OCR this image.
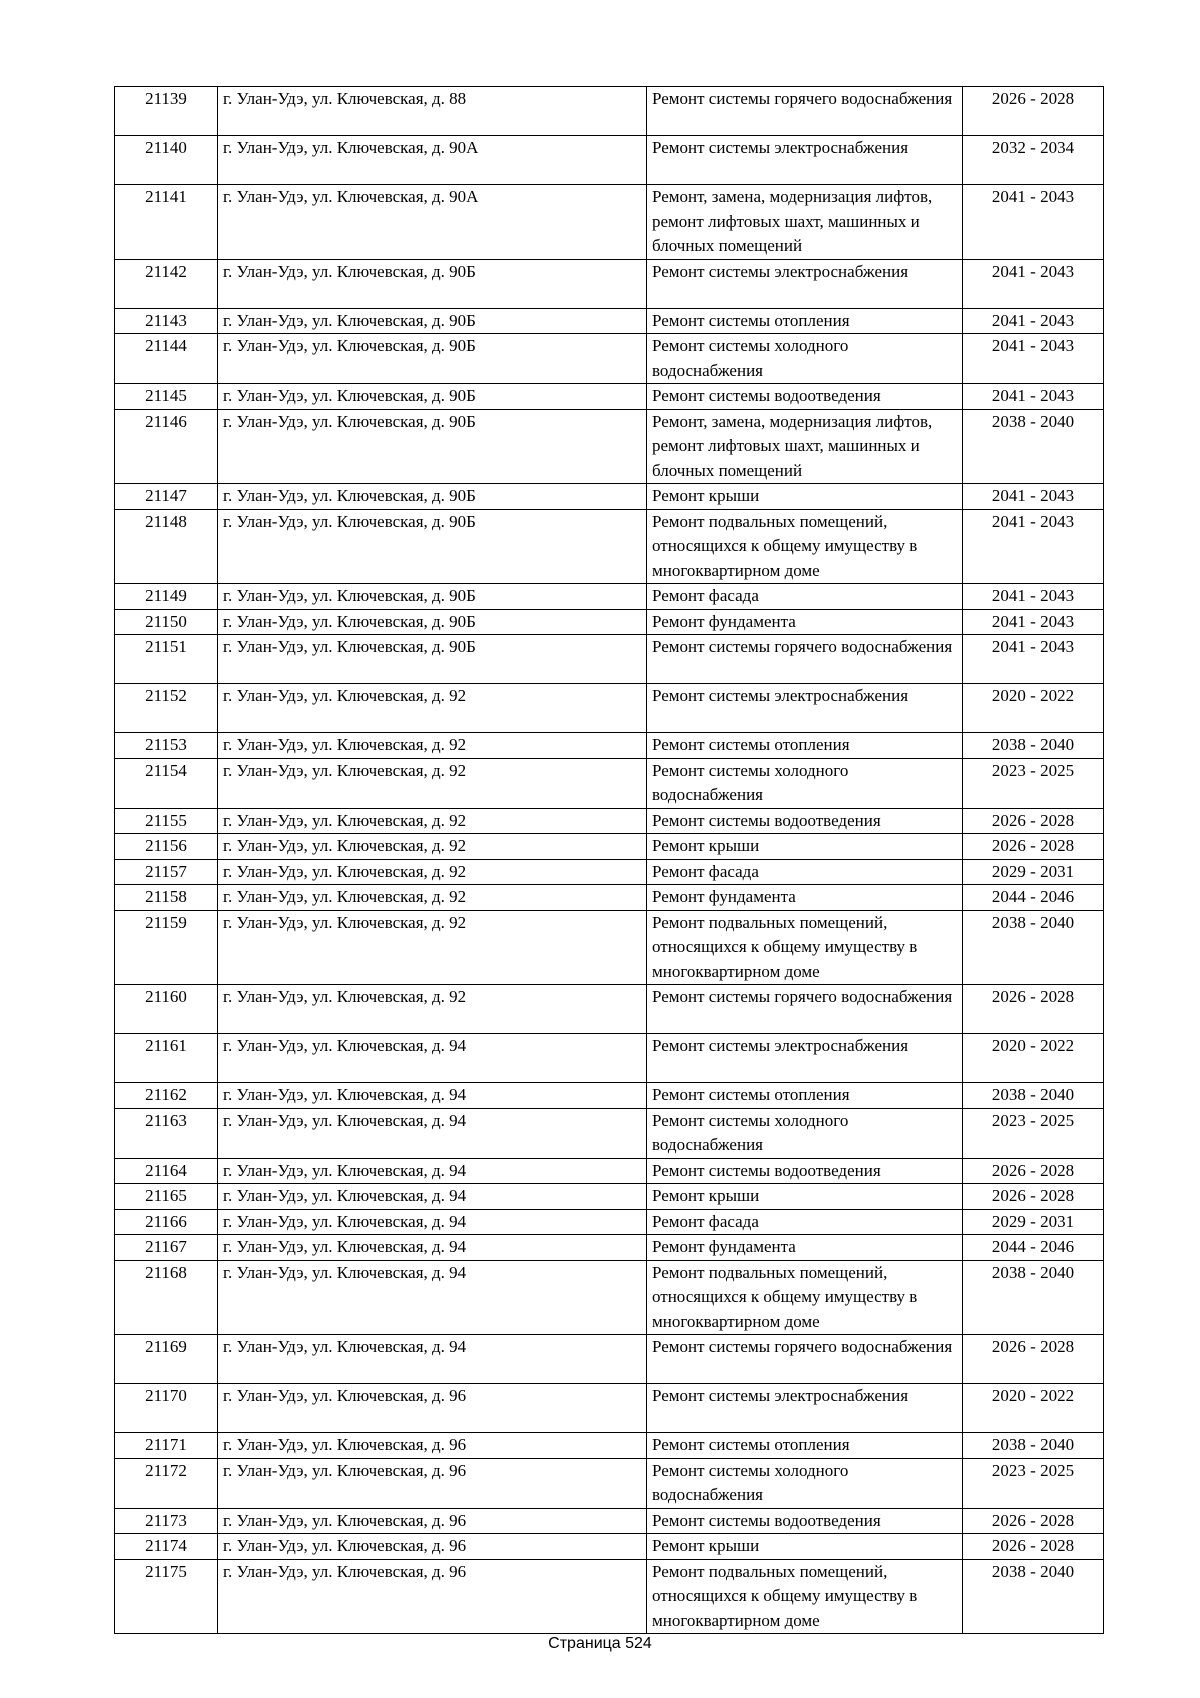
21139	г. Улан-Удэ, ул. Ключевская, д. 88	Ремонт системы горячего водоснабжения	2026 - 2028
21140	г. Улан-Удэ, ул. Ключевская, д. 90А	Ремонт системы электроснабжения	2032 - 2034
21141	г. Улан-Удэ, ул. Ключевская, д. 90А	Ремонт, замена, модернизация лифтов, ремонт лифтовых шахт, машинных и блочных помещений	2041 - 2043
21142	г. Улан-Удэ, ул. Ключевская, д. 90Б	Ремонт системы электроснабжения	2041 - 2043
21143	г. Улан-Удэ, ул. Ключевская, д. 90Б	Ремонт системы отопления	2041 - 2043
21144	г. Улан-Удэ, ул. Ключевская, д. 90Б	Ремонт системы холодного водоснабжения	2041 - 2043
21145	г. Улан-Удэ, ул. Ключевская, д. 90Б	Ремонт системы водоотведения	2041 - 2043
21146	г. Улан-Удэ, ул. Ключевская, д. 90Б	Ремонт, замена, модернизация лифтов, ремонт лифтовых шахт, машинных и блочных помещений	2038 - 2040
21147	г. Улан-Удэ, ул. Ключевская, д. 90Б	Ремонт крыши	2041 - 2043
21148	г. Улан-Удэ, ул. Ключевская, д. 90Б	Ремонт подвальных помещений, относящихся к общему имуществу в многоквартирном доме	2041 - 2043
21149	г. Улан-Удэ, ул. Ключевская, д. 90Б	Ремонт фасада	2041 - 2043
21150	г. Улан-Удэ, ул. Ключевская, д. 90Б	Ремонт фундамента	2041 - 2043
21151	г. Улан-Удэ, ул. Ключевская, д. 90Б	Ремонт системы горячего водоснабжения	2041 - 2043
21152	г. Улан-Удэ, ул. Ключевская, д. 92	Ремонт системы электроснабжения	2020 - 2022
21153	г. Улан-Удэ, ул. Ключевская, д. 92	Ремонт системы отопления	2038 - 2040
21154	г. Улан-Удэ, ул. Ключевская, д. 92	Ремонт системы холодного водоснабжения	2023 - 2025
21155	г. Улан-Удэ, ул. Ключевская, д. 92	Ремонт системы водоотведения	2026 - 2028
21156	г. Улан-Удэ, ул. Ключевская, д. 92	Ремонт крыши	2026 - 2028
21157	г. Улан-Удэ, ул. Ключевская, д. 92	Ремонт фасада	2029 - 2031
21158	г. Улан-Удэ, ул. Ключевская, д. 92	Ремонт фундамента	2044 - 2046
21159	г. Улан-Удэ, ул. Ключевская, д. 92	Ремонт подвальных помещений, относящихся к общему имуществу в многоквартирном доме	2038 - 2040
21160	г. Улан-Удэ, ул. Ключевская, д. 92	Ремонт системы горячего водоснабжения	2026 - 2028
21161	г. Улан-Удэ, ул. Ключевская, д. 94	Ремонт системы электроснабжения	2020 - 2022
21162	г. Улан-Удэ, ул. Ключевская, д. 94	Ремонт системы отопления	2038 - 2040
21163	г. Улан-Удэ, ул. Ключевская, д. 94	Ремонт системы холодного водоснабжения	2023 - 2025
21164	г. Улан-Удэ, ул. Ключевская, д. 94	Ремонт системы водоотведения	2026 - 2028
21165	г. Улан-Удэ, ул. Ключевская, д. 94	Ремонт крыши	2026 - 2028
21166	г. Улан-Удэ, ул. Ключевская, д. 94	Ремонт фасада	2029 - 2031
21167	г. Улан-Удэ, ул. Ключевская, д. 94	Ремонт фундамента	2044 - 2046
21168	г. Улан-Удэ, ул. Ключевская, д. 94	Ремонт подвальных помещений, относящихся к общему имуществу в многоквартирном доме	2038 - 2040
21169	г. Улан-Удэ, ул. Ключевская, д. 94	Ремонт системы горячего водоснабжения	2026 - 2028
21170	г. Улан-Удэ, ул. Ключевская, д. 96	Ремонт системы электроснабжения	2020 - 2022
21171	г. Улан-Удэ, ул. Ключевская, д. 96	Ремонт системы отопления	2038 - 2040
21172	г. Улан-Удэ, ул. Ключевская, д. 96	Ремонт системы холодного водоснабжения	2023 - 2025
21173	г. Улан-Удэ, ул. Ключевская, д. 96	Ремонт системы водоотведения	2026 - 2028
21174	г. Улан-Удэ, ул. Ключевская, д. 96	Ремонт крыши	2026 - 2028
21175	г. Улан-Удэ, ул. Ключевская, д. 96	Ремонт подвальных помещений, относящихся к общему имуществу в многоквартирном доме	2038 - 2040
Страница 524
